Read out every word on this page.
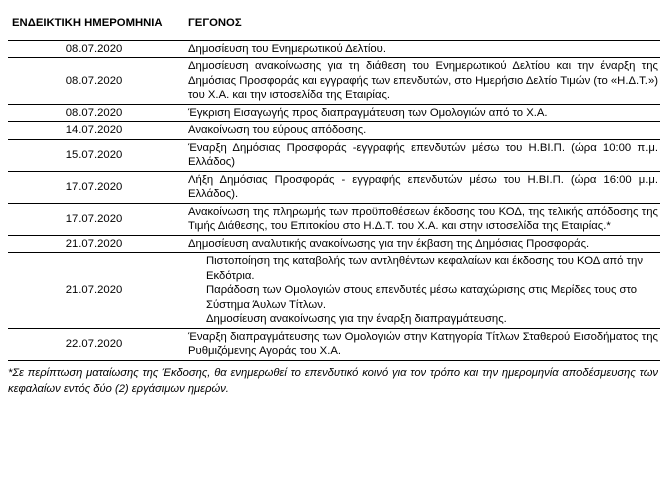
ΕΝΔΕΙΚΤΙΚΗ ΗΜΕΡΟΜΗΝΙΑ	ΓΕΓΟΝΟΣ
08.07.2020	Δημοσίευση του Ενημερωτικού Δελτίου.

08.07.2020	Δημοσίευση ανακοίνωσης για τη διάθεση του Ενημερωτικού Δελτίου και την έναρξη της Δημόσιας Προσφοράς και εγγραφής των επενδυτών, στο Ημερήσιο Δελτίο Τιμών (το «Η.Δ.Τ.») του Χ.Α. και την ιστοσελίδα της Εταιρίας.

08.07.2020	Έγκριση Εισαγωγής προς διαπραγμάτευση των Ομολογιών από το Χ.Α.

14.07.2020	Ανακοίνωση του εύρους απόδοσης.

15.07.2020	Έναρξη Δημόσιας Προσφοράς -εγγραφής επενδυτών μέσω του Η.ΒΙ.Π. (ώρα 10:00 π.μ. Ελλάδος)

17.07.2020	Λήξη Δημόσιας Προσφοράς - εγγραφής επενδυτών μέσω του Η.ΒΙ.Π. (ώρα 16:00 μ.μ. Ελλάδος).

17.07.2020	Ανακοίνωση της πληρωμής των προϋποθέσεων έκδοσης του ΚΟΔ, της τελικής απόδοσης της Τιμής Διάθεσης, του Επιτοκίου στο Η.Δ.Τ. του Χ.Α. και στην ιστοσελίδα της Εταιρίας.*

21.07.2020	Δημοσίευση αναλυτικής ανακοίνωσης για την έκβαση της Δημόσιας Προσφοράς.

21.07.2020	Πιστοποίηση της καταβολής των αντληθέντων κεφαλαίων και έκδοσης του ΚΟΔ από την Εκδότρια.
Παράδοση των Ομολογιών στους επενδυτές μέσω καταχώρισης στις Μερίδες τους στο Σύστημα Άυλων Τίτλων.
Δημοσίευση ανακοίνωσης για την έναρξη διαπραγμάτευσης.

22.07.2020	Έναρξη διαπραγμάτευσης των Ομολογιών στην Κατηγορία Τίτλων Σταθερού Εισοδήματος της Ρυθμιζόμενης Αγοράς του Χ.Α.
*Σε περίπτωση ματαίωσης της Έκδοσης, θα ενημερωθεί το επενδυτικό κοινό για τον τρόπο και την ημερομηνία αποδέσμευσης των κεφαλαίων εντός δύο (2) εργάσιμων ημερών.
